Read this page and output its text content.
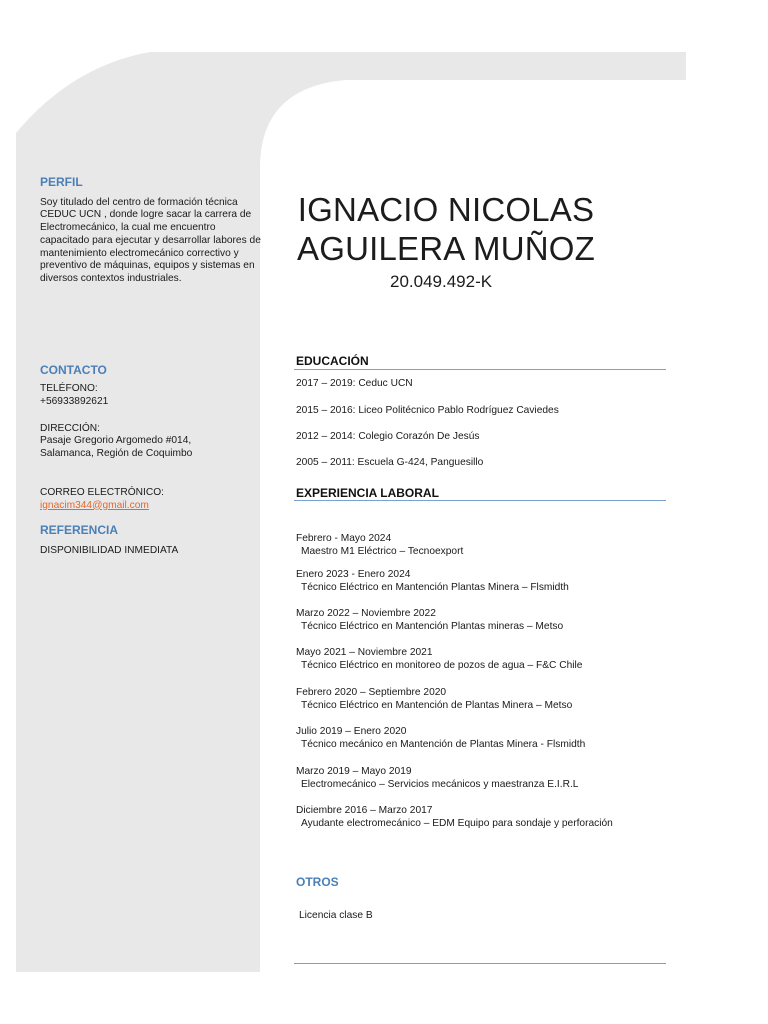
PERFIL

Soy titulado del centro de formación técnica CEDUC UCN , donde logre sacar la carrera de Electromecánico, la cual me encuentro capacitado para ejecutar y desarrollar labores de mantenimiento electromecánico correctivo y preventivo de máquinas, equipos y sistemas en diversos contextos industriales.

CONTACTO

TELÉFONO:

+56933892621

DIRECCIÓN:

Pasaje Gregorio Argomedo #014,

Salamanca, Región de Coquimbo

CORREO ELECTRÓNICO:

ignacim344@gmail.com

REFERENCIA

DISPONIBILIDAD INMEDIATA

IGNACIO NICOLAS
AGUILERA MUÑOZ
20.049.492-K
EDUCACIÓN
2017 – 2019: Ceduc UCN
2015 – 2016: Liceo Politécnico Pablo Rodríguez Caviedes
2012 – 2014: Colegio Corazón De Jesús
2005 – 2011: Escuela G-424, Panguesillo
EXPERIENCIA LABORAL
Febrero - Mayo 2024
Maestro M1 Eléctrico – Tecnoexport
Enero 2023 - Enero 2024
Técnico Eléctrico en Mantención Plantas Minera – Flsmidth
Marzo 2022 – Noviembre 2022
Técnico Eléctrico en Mantención Plantas mineras – Metso
Mayo 2021 – Noviembre 2021
Técnico Eléctrico en monitoreo de pozos de agua – F&C Chile
Febrero 2020 – Septiembre 2020
Técnico Eléctrico en Mantención de Plantas Minera – Metso
Julio 2019 – Enero 2020
Técnico mecánico en Mantención de Plantas Minera - Flsmidth
Marzo 2019 – Mayo 2019
Electromecánico – Servicios mecánicos y maestranza E.I.R.L
Diciembre 2016 – Marzo 2017
Ayudante electromecánico – EDM Equipo para sondaje y perforación
OTROS
Licencia clase B
